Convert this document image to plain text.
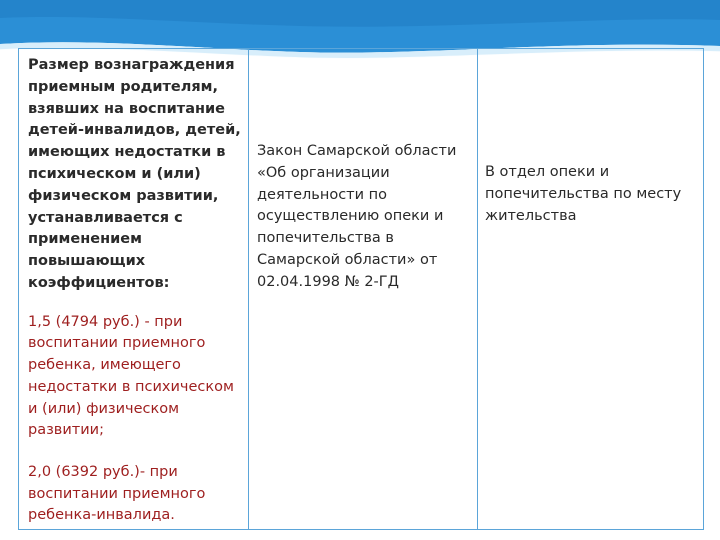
Размер вознаграждения
приемным родителям,
взявших на воспитание
детей-инвалидов, детей,
имеющих недостатки в
психическом и (или)
физическом развитии,
устанавливается с
применением
повышающих
коэффициентов:

1,5 (4794 руб.) - при
воспитании приемного
ребенка, имеющего
недостатки в психическом
и (или) физическом
развитии;

2,0 (6392 руб.)- при
воспитании приемного
ребенка-инвалида.

Закон Самарской области
«Об организации
деятельности по
осуществлению опеки и
попечительства в
Самарской области» от
02.04.1998 № 2-ГД

В отдел опеки и
попечительства по месту
жительства
